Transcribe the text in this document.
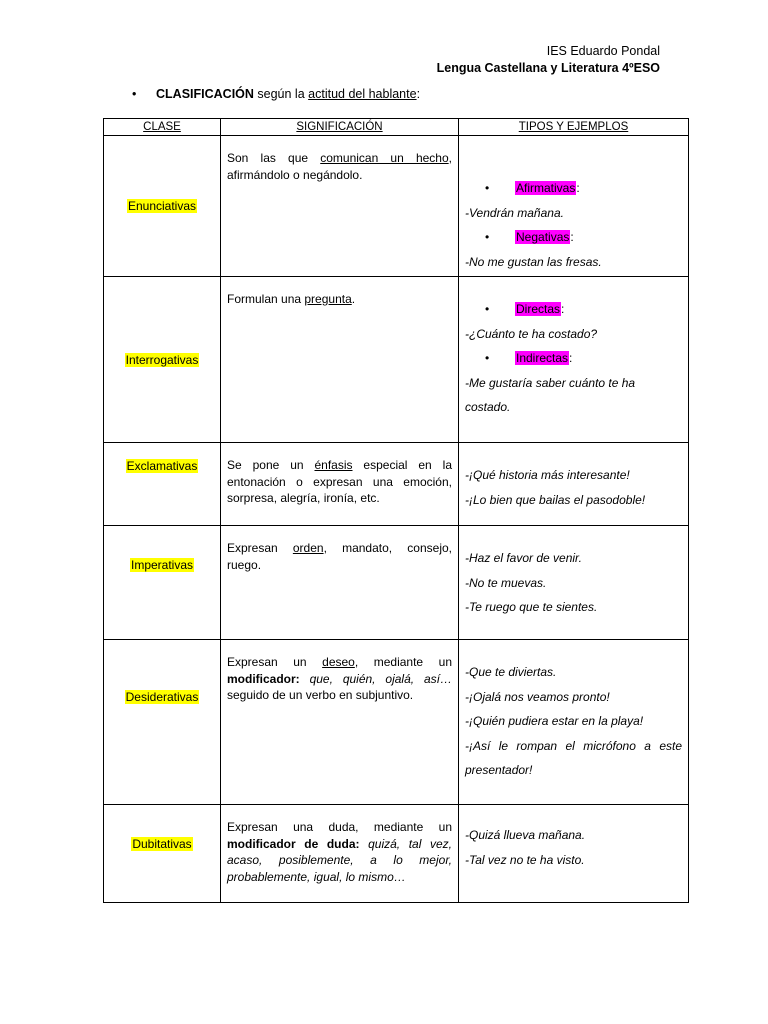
IES Eduardo Pondal
Lengua Castellana y Literatura 4ºESO
• CLASIFICACIÓN según la actitud del hablante:
CLASE	SIGNIFICACIÓN	TIPOS Y EJEMPLOS
Enunciativas	Son las que comunican un hecho, afirmándolo o negándolo.	• Afirmativas:
-Vendrán mañana.
• Negativas:
-No me gustan las fresas.

Interrogativas	Formulan una pregunta.	• Directas:
-¿Cuánto te ha costado?
• Indirectas:
-Me gustaría saber cuánto te ha costado.

Exclamativas	Se pone un énfasis especial en la entonación o expresan una emoción, sorpresa, alegría, ironía, etc.	-¡Qué historia más interesante!
-¡Lo bien que bailas el pasodoble!

Imperativas	Expresan orden, mandato, consejo, ruego.	-Haz el favor de venir.
-No te muevas.
-Te ruego que te sientes.

Desiderativas	Expresan un deseo, mediante un modificador: que, quién, ojalá, así… seguido de un verbo en subjuntivo.	-Que te diviertas.
-¡Ojalá nos veamos pronto!
-¡Quién pudiera estar en la playa!
-¡Así le rompan el micrófono a este presentador!

Dubitativas	Expresan una duda, mediante un modificador de duda: quizá, tal vez, acaso, posiblemente, a lo mejor, probablemente, igual, lo mismo…	-Quizá llueva mañana.
-Tal vez no te ha visto.
